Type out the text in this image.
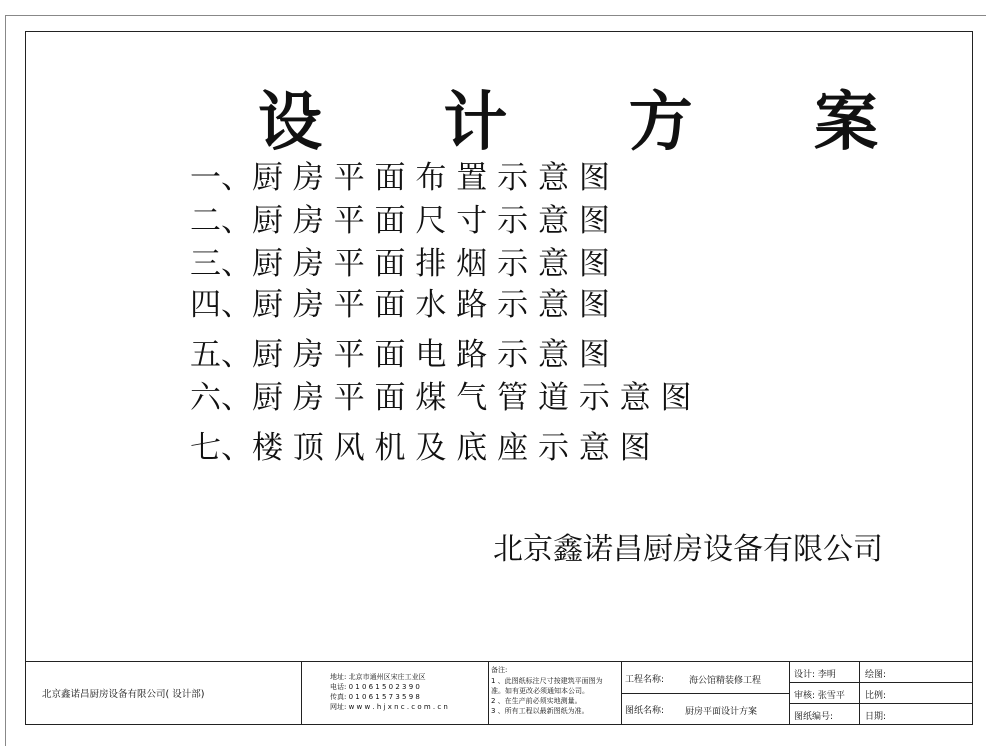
设 计 方 案
一、厨 房 平 面 布 置 示 意 图
二、厨 房 平 面 尺 寸 示 意 图
三、厨 房 平 面 排 烟 示 意 图
四、厨 房 平 面 水 路 示 意 图
五、厨 房 平 面 电 路 示 意 图
六、厨 房 平 面 煤 气 管 道 示 意 图
七、楼 顶 风 机 及 底 座 示 意 图
北京鑫诺昌厨房设备有限公司
北京鑫诺昌厨房设备有限公司( 设计部)
地址: 北京市通州区宋庄工业区
电话: 0 1 0 6 1 5 0 2 3 9 0
传真: 0 1 0 6 1 5 7 3 5 9 8
网址: w w w . h j x n c . c o m . c n
备注:
1 、此图纸标注尺寸按建筑平面图为
准。如有更改必须通知本公司。
2 、在生产前必须实地测量。
3 、所有工程以最新图纸为准。
工程名称:	海公馆精装修工程
图纸名称: 厨房平面设计方案
设计: 李明
审核: 张雪平
图纸编号:
绘图:
比例:
日期:
